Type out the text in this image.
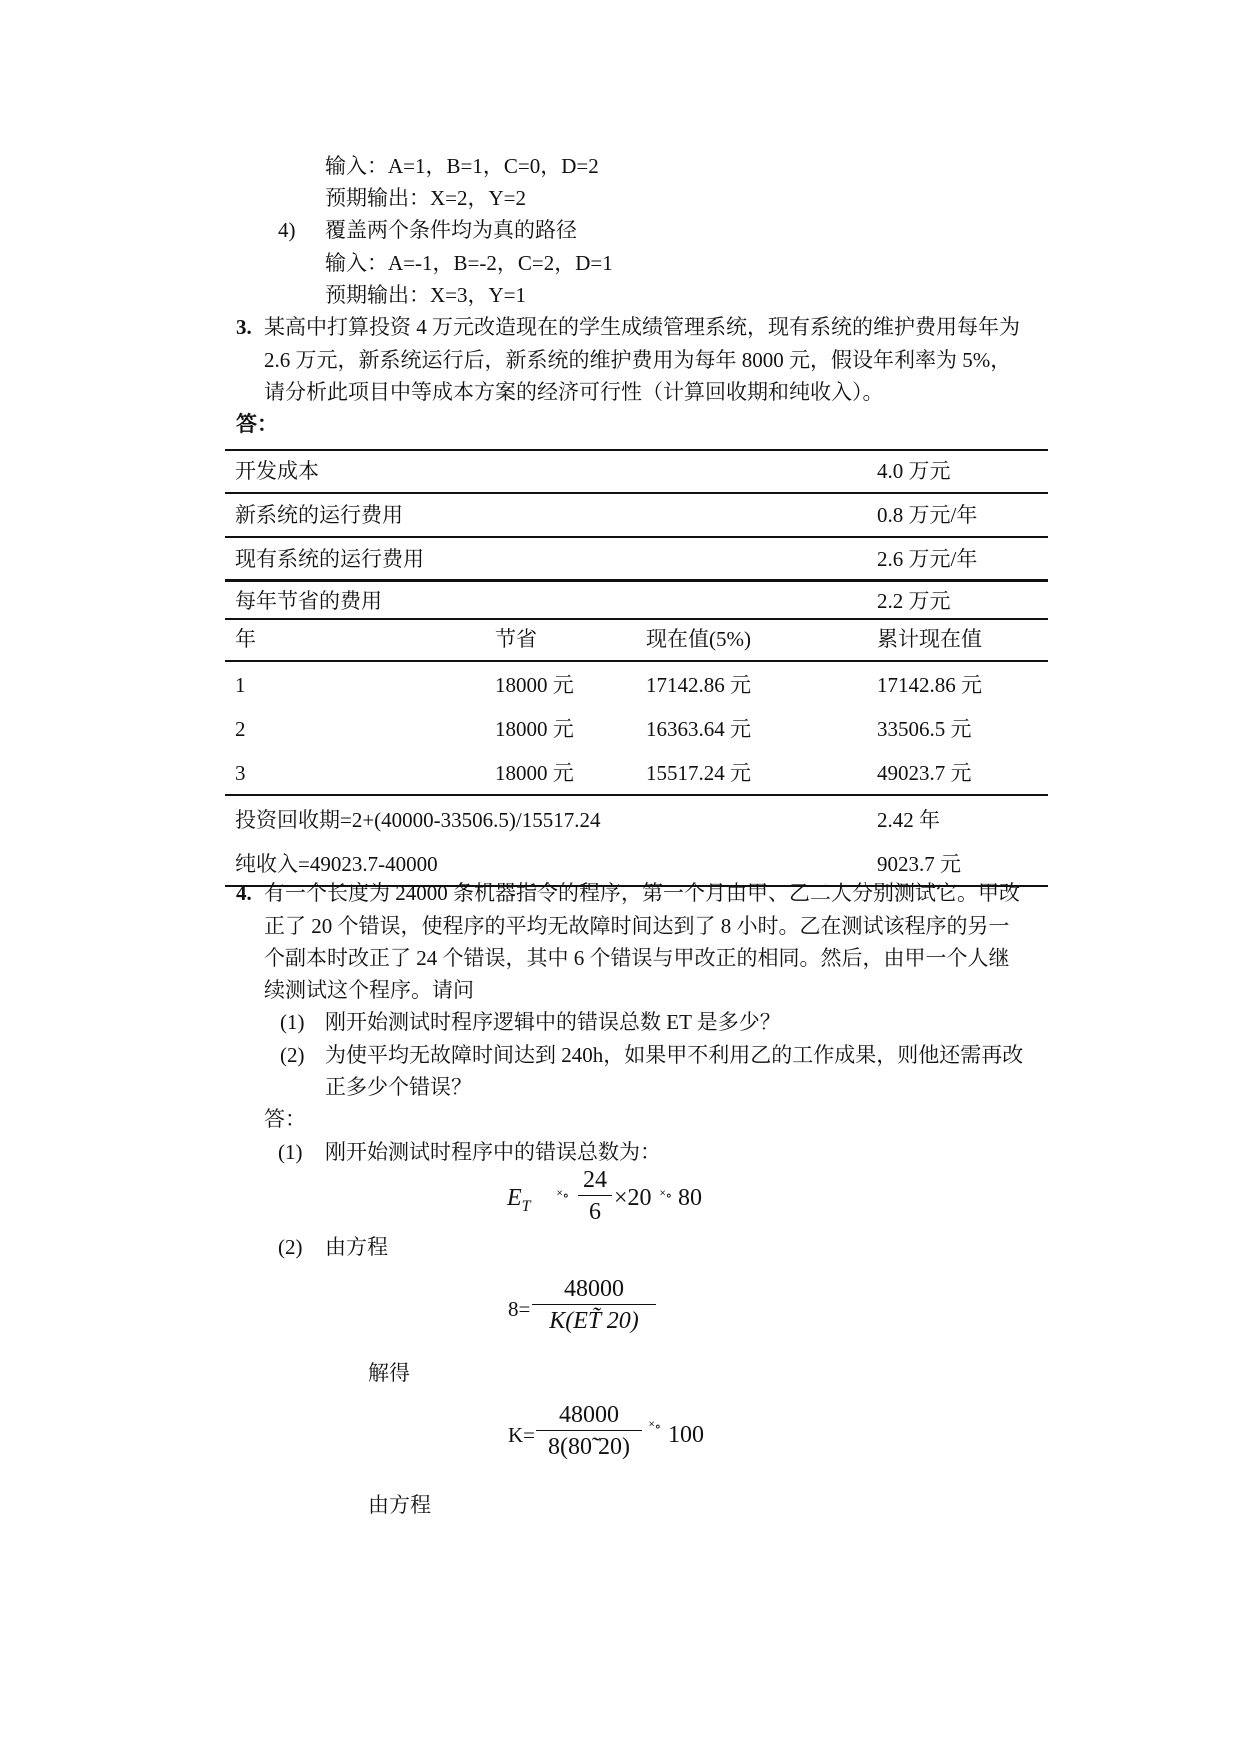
输入：A=1，B=1，C=0，D=2
预期输出：X=2，Y=2
4) 覆盖两个条件均为真的路径
输入：A=-1，B=-2，C=2，D=1
预期输出：X=3，Y=1
3. 某高中打算投资 4 万元改造现在的学生成绩管理系统，现有系统的维护费用每年为
2.6 万元，新系统运行后，新系统的维护费用为每年 8000 元，假设年利率为 5%，
请分析此项目中等成本方案的经济可行性（计算回收期和纯收入）。
答：
开发成本	4.0 万元
新系统的运行费用	0.8 万元/年
现有系统的运行费用	2.6 万元/年
每年节省的费用	2.2 万元
年	节省	现在值(5%)	累计现在值
1	18000 元	17142.86 元	17142.86 元
2	18000 元	16363.64 元	33506.5 元
3	18000 元	15517.24 元	49023.7 元
投资回收期=2+(40000-33506.5)/15517.24	2.42 年
纯收入=49023.7-40000	9023.7 元
4. 有一个长度为 24000 条机器指令的程序，第一个月由甲、乙二人分别测试它。甲改
正了 20 个错误，使程序的平均无故障时间达到了 8 小时。乙在测试该程序的另一
个副本时改正了 24 个错误，其中 6 个错误与甲改正的相同。然后，由甲一个人继
续测试这个程序。请问
(1) 刚开始测试时程序逻辑中的错误总数 ET 是多少？
(2) 为使平均无故障时间达到 240h，如果甲不利用乙的工作成果，则他还需再改
正多少个错误？
答：
(1) 刚开始测试时程序中的错误总数为：
$E_T$
˟∘
24
6
×20 ˟∘ 80
(2) 由方程
8=
48000
K(ET̃ 20)
解得
K=
48000
8(80̃ 20)
˟∘ 100
由方程
